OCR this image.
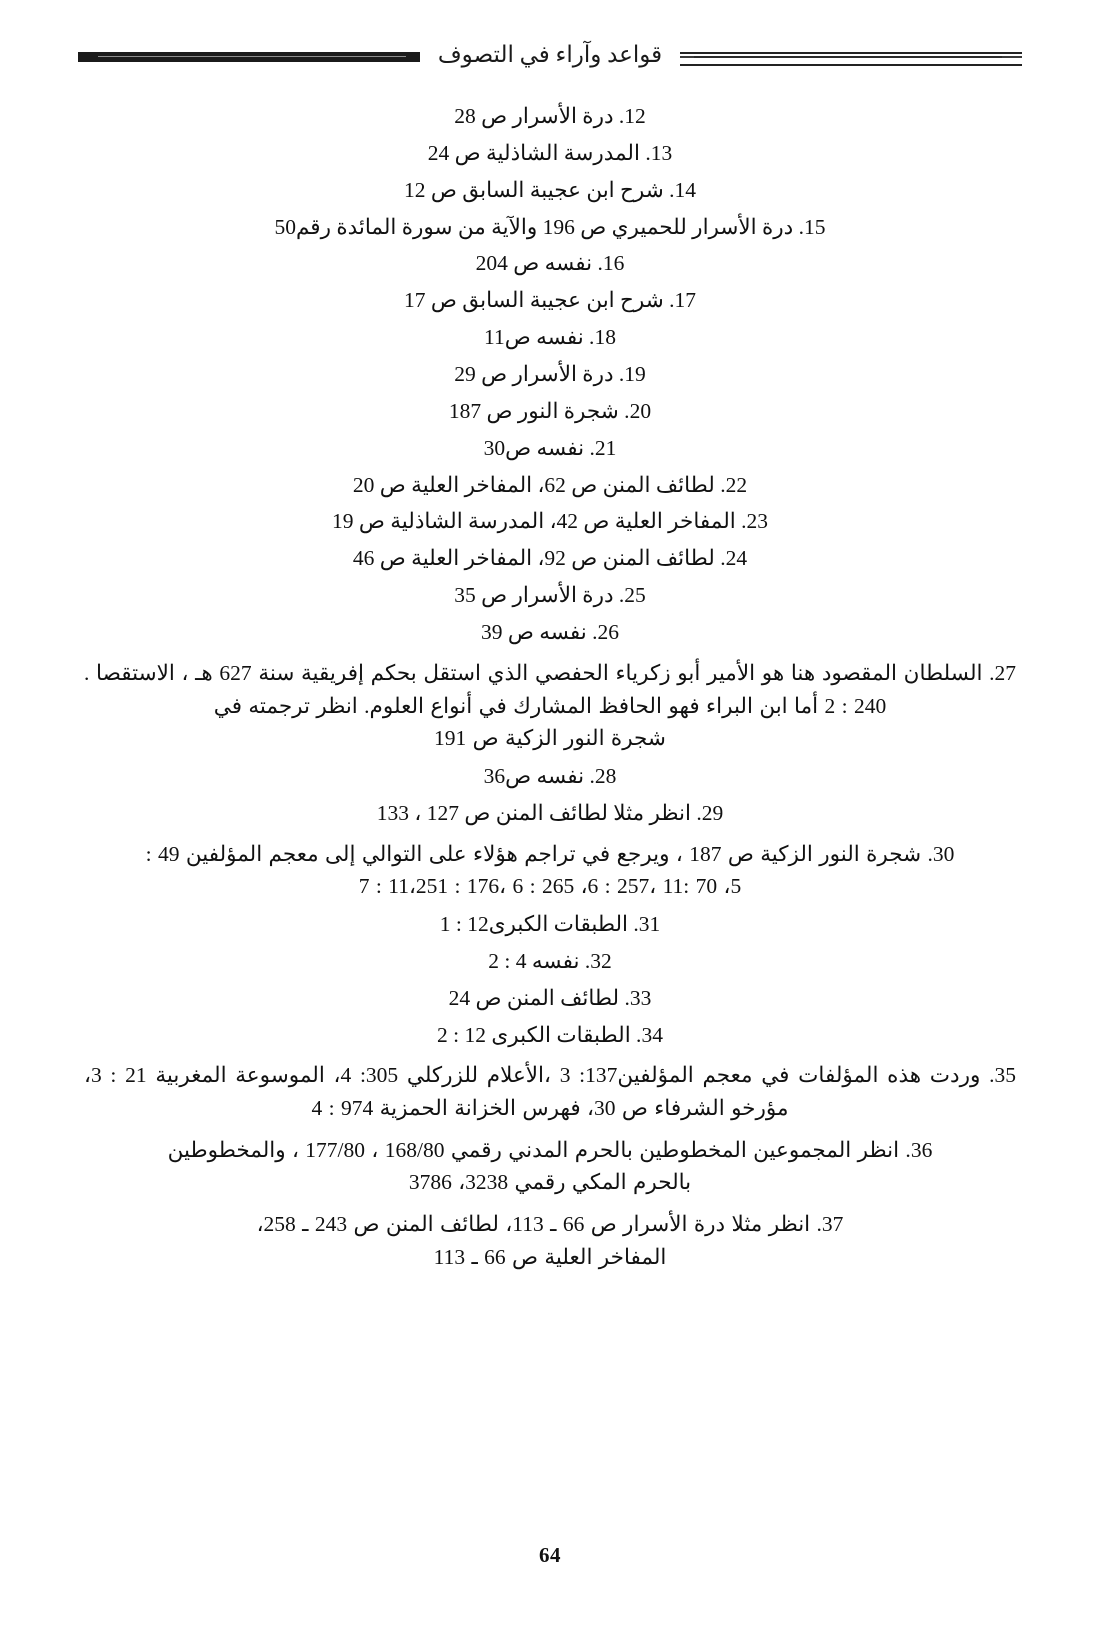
قواعد وآراء في التصوف

12. درة الأسرار ص 28

13. المدرسة الشاذلية ص 24

14. شرح ابن عجيبة السابق ص 12

15. درة الأسرار للحميري ص 196 والآية من سورة المائدة رقم50

16. نفسه ص 204

17. شرح ابن عجيبة السابق ص 17

18. نفسه ص11

19. درة الأسرار ص 29

20. شجرة النور ص 187

21. نفسه ص30

22. لطائف المنن ص 62، المفاخر العلية ص 20

23. المفاخر العلية ص 42، المدرسة الشاذلية ص 19

24. لطائف المنن ص 92، المفاخر العلية ص 46

25. درة الأسرار ص 35

26. نفسه ص 39

27. السلطان المقصود هنا هو الأمير أبو زكرياء الحفصي الذي استقل بحكم إفريقية سنة 627 هـ ، الاستقصا . 240 : 2 أما ابن البراء فهو الحافظ المشارك في أنواع العلوم. انظر ترجمته في
شجرة النور الزكية ص 191

28. نفسه ص36

29. انظر مثلا لطائف المنن ص 127 ، 133

30. شجرة النور الزكية ص 187 ، ويرجع في تراجم هؤلاء على التوالي إلى معجم المؤلفين 49 :
5، 70 :11 ،257 : 6، 265 : 6 ،176 : 11،251 : 7

31. الطبقات الكبرى12 : 1

32. نفسه 4 : 2

33. لطائف المنن ص 24

34. الطبقات الكبرى 12 : 2

35. وردت هذه المؤلفات في معجم المؤلفين137: 3 ،الأعلام للزركلي 305: 4، الموسوعة المغربية 21 : 3، مؤرخو الشرفاء ص 30، فهرس الخزانة الحمزية 974 : 4

36. انظر المجموعين المخطوطين بالحرم المدني رقمي 168/80 ، 177/80 ، والمخطوطين
بالحرم المكي رقمي 3238، 3786

37. انظر مثلا درة الأسرار ص 66 ـ 113، لطائف المنن ص 243 ـ 258،
المفاخر العلية ص 66 ـ 113

64
